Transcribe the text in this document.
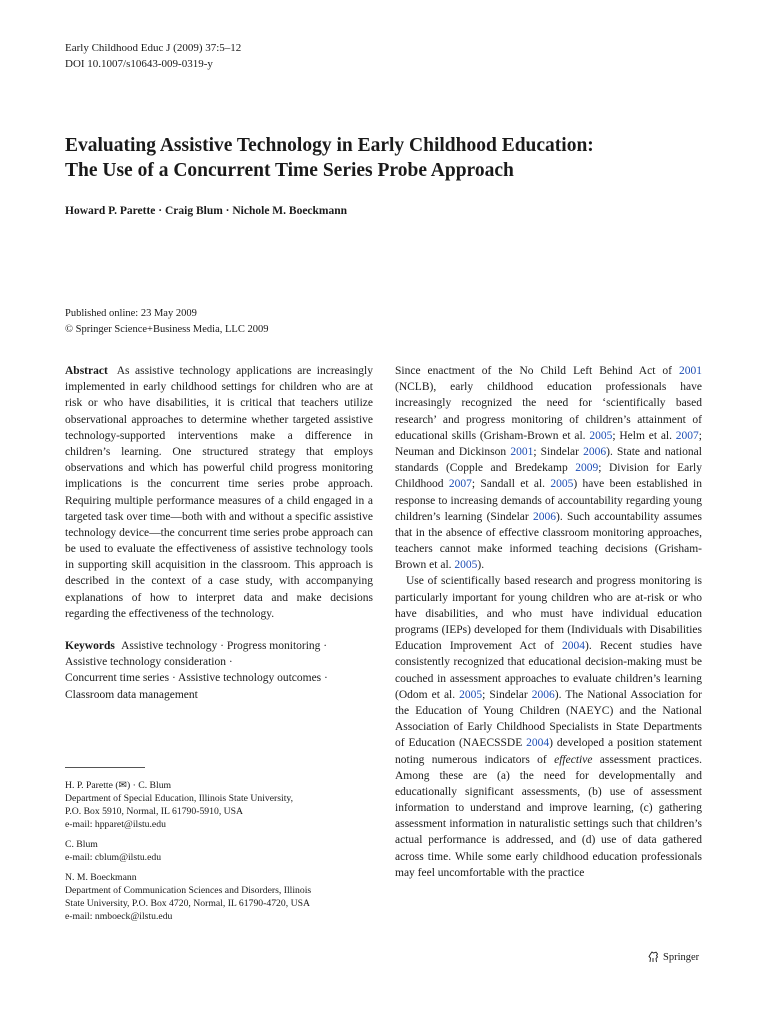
Early Childhood Educ J (2009) 37:5–12
DOI 10.1007/s10643-009-0319-y
Evaluating Assistive Technology in Early Childhood Education:
The Use of a Concurrent Time Series Probe Approach
Howard P. Parette · Craig Blum · Nichole M. Boeckmann
Published online: 23 May 2009
© Springer Science+Business Media, LLC 2009

Abstract As assistive technology applications are increasingly implemented in early childhood settings for children who are at risk or who have disabilities, it is critical that teachers utilize observational approaches to determine whether targeted assistive technology-supported interventions make a difference in children’s learning. One structured strategy that employs observations and which has powerful child progress monitoring implications is the concurrent time series probe approach. Requiring multiple performance measures of a child engaged in a targeted task over time—both with and without a specific assistive technology device—the concurrent time series probe approach can be used to evaluate the effectiveness of assistive technology tools in supporting skill acquisition in the classroom. This approach is described in the context of a case study, with accompanying explanations of how to interpret data and make decisions regarding the effectiveness of the technology.

Keywords Assistive technology · Progress monitoring ·
Assistive technology consideration ·
Concurrent time series · Assistive technology outcomes ·
Classroom data management

H. P. Parette (✉) · C. Blum
Department of Special Education, Illinois State University,
P.O. Box 5910, Normal, IL 61790-5910, USA
e-mail: hpparet@ilstu.edu
C. Blum
e-mail: cblum@ilstu.edu
N. M. Boeckmann
Department of Communication Sciences and Disorders, Illinois
State University, P.O. Box 4720, Normal, IL 61790-4720, USA
e-mail: nmboeck@ilstu.edu

Since enactment of the No Child Left Behind Act of 2001 (NCLB), early childhood education professionals have increasingly recognized the need for ‘scientifically based research’ and progress monitoring of children’s attainment of educational skills (Grisham-Brown et al. 2005; Helm et al. 2007; Neuman and Dickinson 2001; Sindelar 2006). State and national standards (Copple and Bredekamp 2009; Division for Early Childhood 2007; Sandall et al. 2005) have been established in response to increasing demands of accountability regarding young children’s learning (Sindelar 2006). Such accountability assumes that in the absence of effective classroom monitoring approaches, teachers cannot make informed teaching decisions (Grisham-Brown et al. 2005).

Use of scientifically based research and progress monitoring is particularly important for young children who are at-risk or who have disabilities, and who must have individual education programs (IEPs) developed for them (Individuals with Disabilities Education Improvement Act of 2004). Recent studies have consistently recognized that educational decision-making must be couched in assessment approaches to evaluate children’s learning (Odom et al. 2005; Sindelar 2006). The National Association for the Education of Young Children (NAEYC) and the National Association of Early Childhood Specialists in State Departments of Education (NAECSSDE 2004) developed a position statement noting numerous indicators of effective assessment practices. Among these are (a) the need for developmentally and educationally significant assessments, (b) use of assessment information to understand and improve learning, (c) gathering assessment information in naturalistic settings such that children’s actual performance is addressed, and (d) use of data gathered across time. While some early childhood education professionals may feel uncomfortable with the practice

Springer
